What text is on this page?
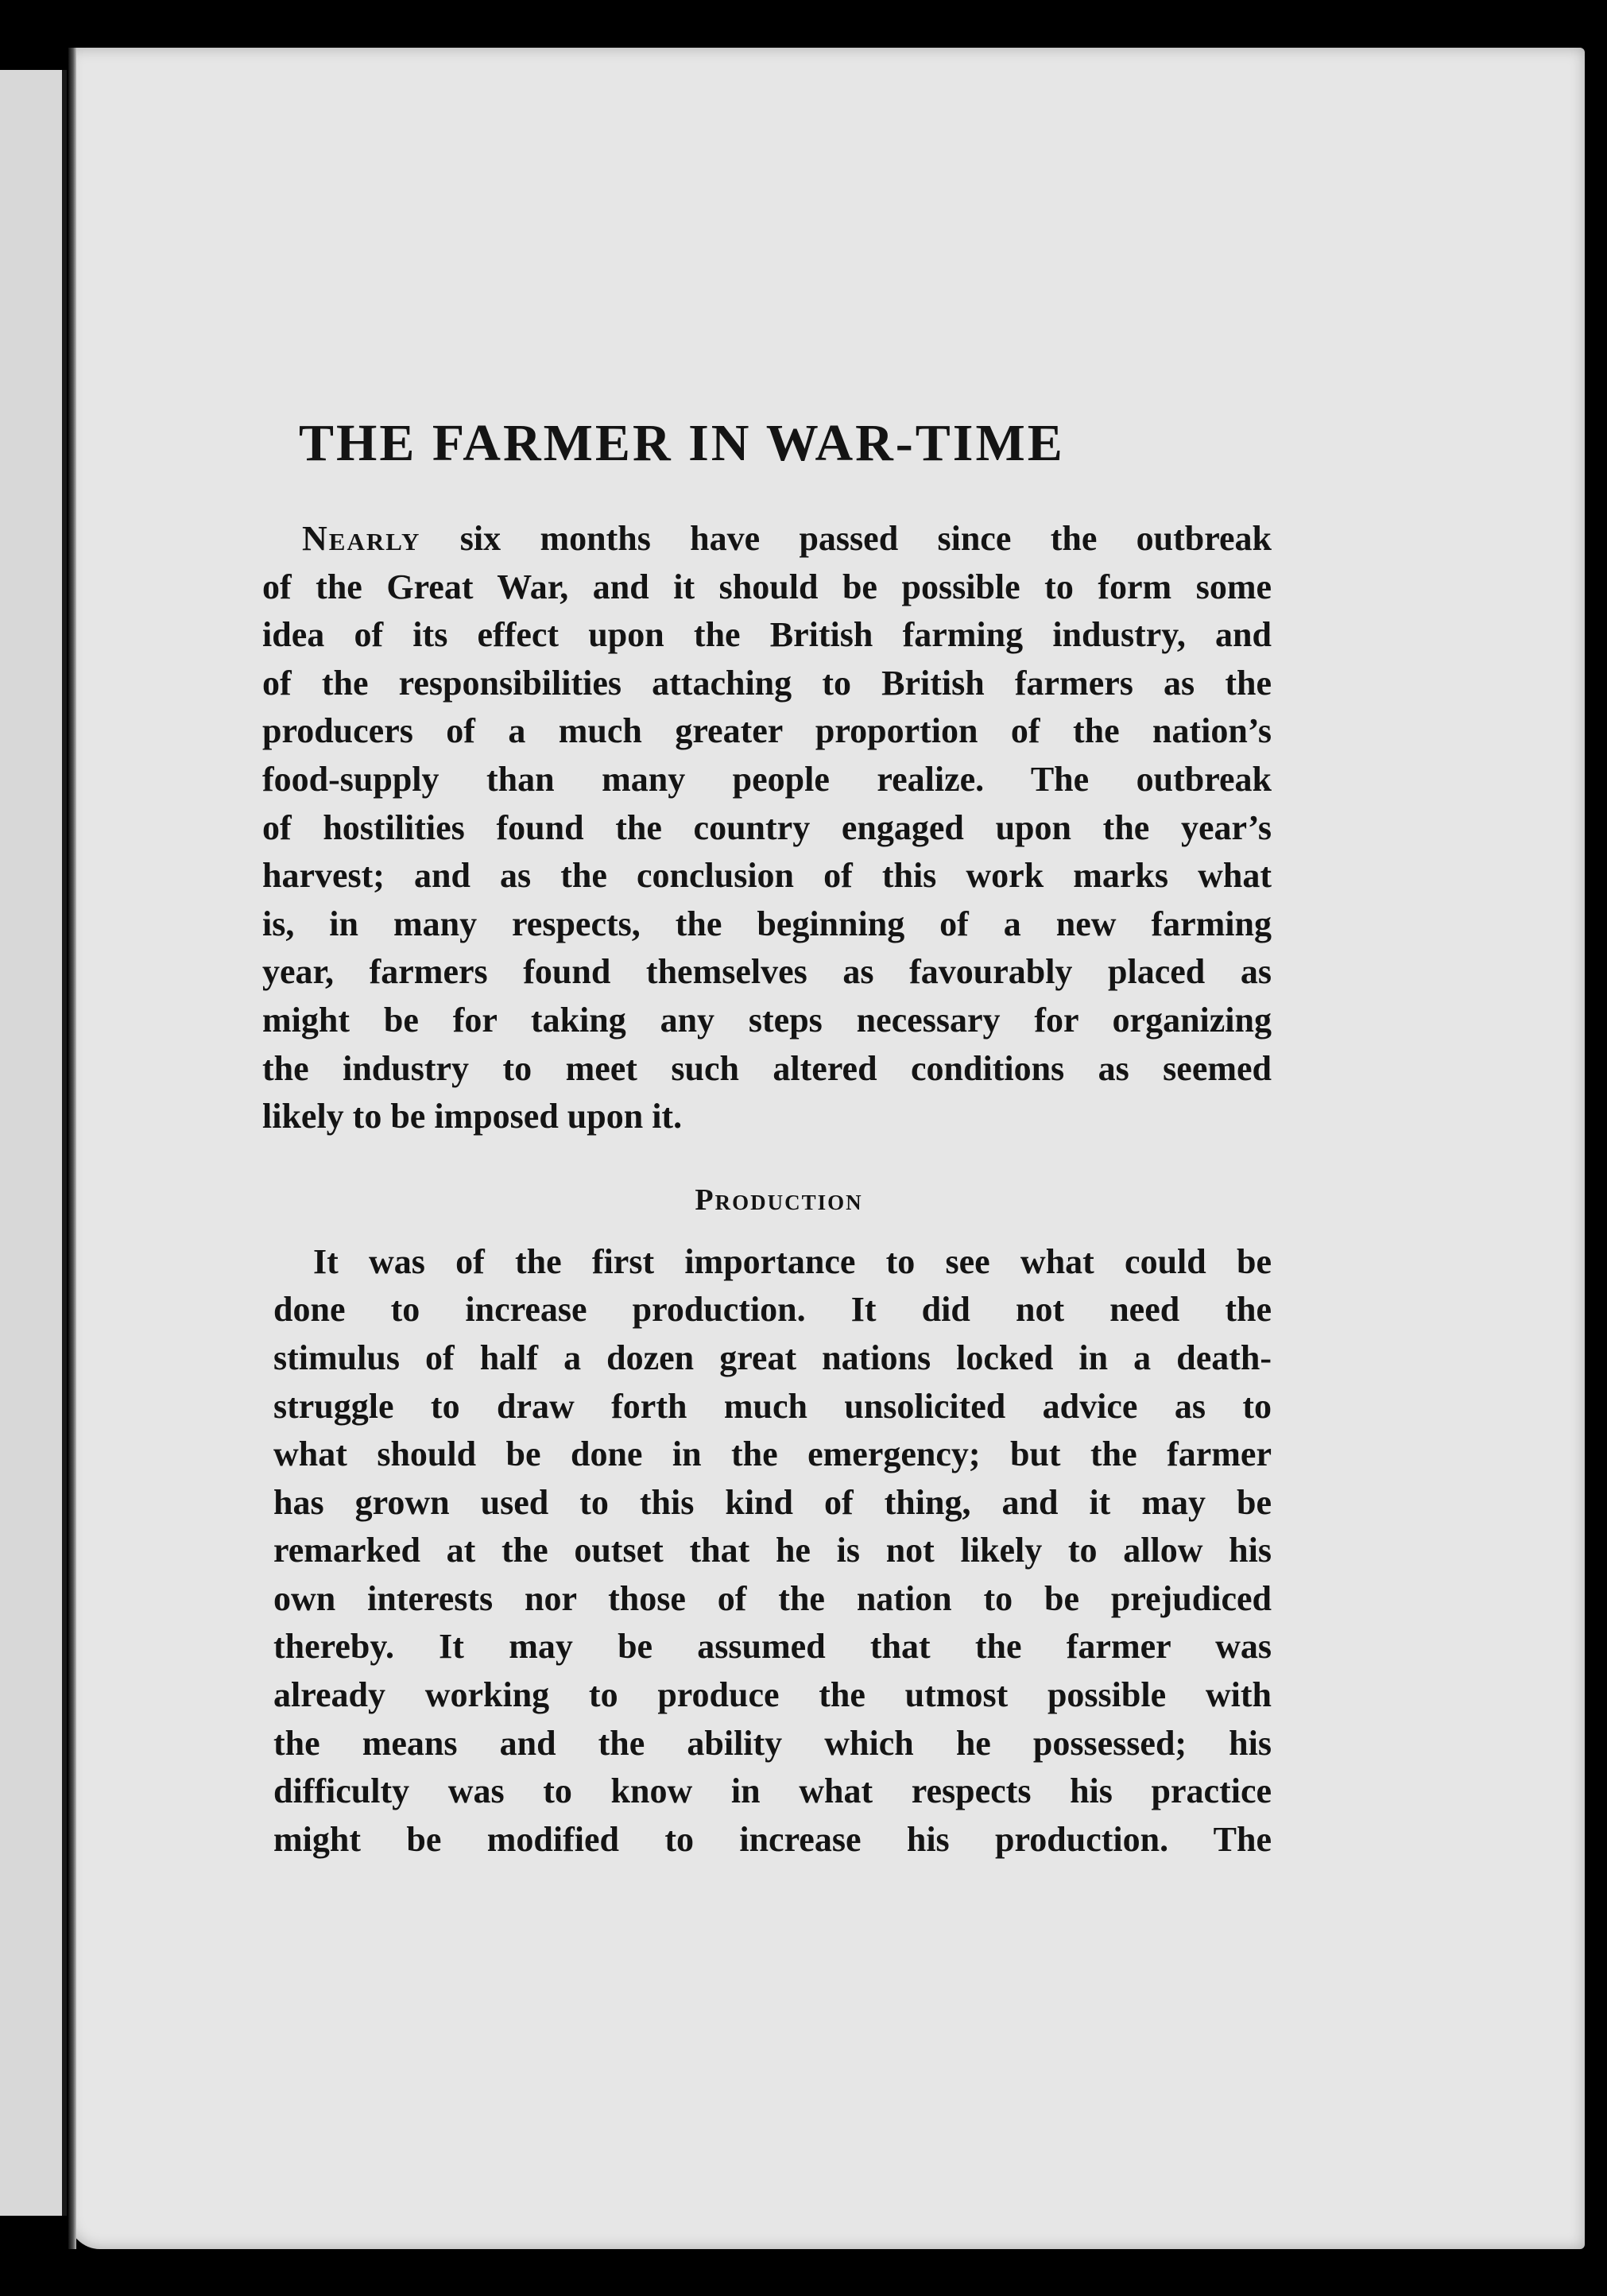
THE FARMER IN WAR-TIME
Nearly six months have passed since the outbreak
of the Great War, and it should be possible to form some
idea of its effect upon the British farming industry, and
of the responsibilities attaching to British farmers as the
producers of a much greater proportion of the nation’s
food-supply than many people realize. The outbreak
of hostilities found the country engaged upon the year’s
harvest; and as the conclusion of this work marks what
is, in many respects, the beginning of a new farming
year, farmers found themselves as favourably placed as
might be for taking any steps necessary for organizing
the industry to meet such altered conditions as seemed
likely to be imposed upon it.
Production
It was of the first importance to see what could be
done to increase production. It did not need the
stimulus of half a dozen great nations locked in a death-
struggle to draw forth much unsolicited advice as to
what should be done in the emergency; but the farmer
has grown used to this kind of thing, and it may be
remarked at the outset that he is not likely to allow his
own interests nor those of the nation to be prejudiced
thereby. It may be assumed that the farmer was
already working to produce the utmost possible with
the means and the ability which he possessed; his
difficulty was to know in what respects his practice
might be modified to increase his production. The
